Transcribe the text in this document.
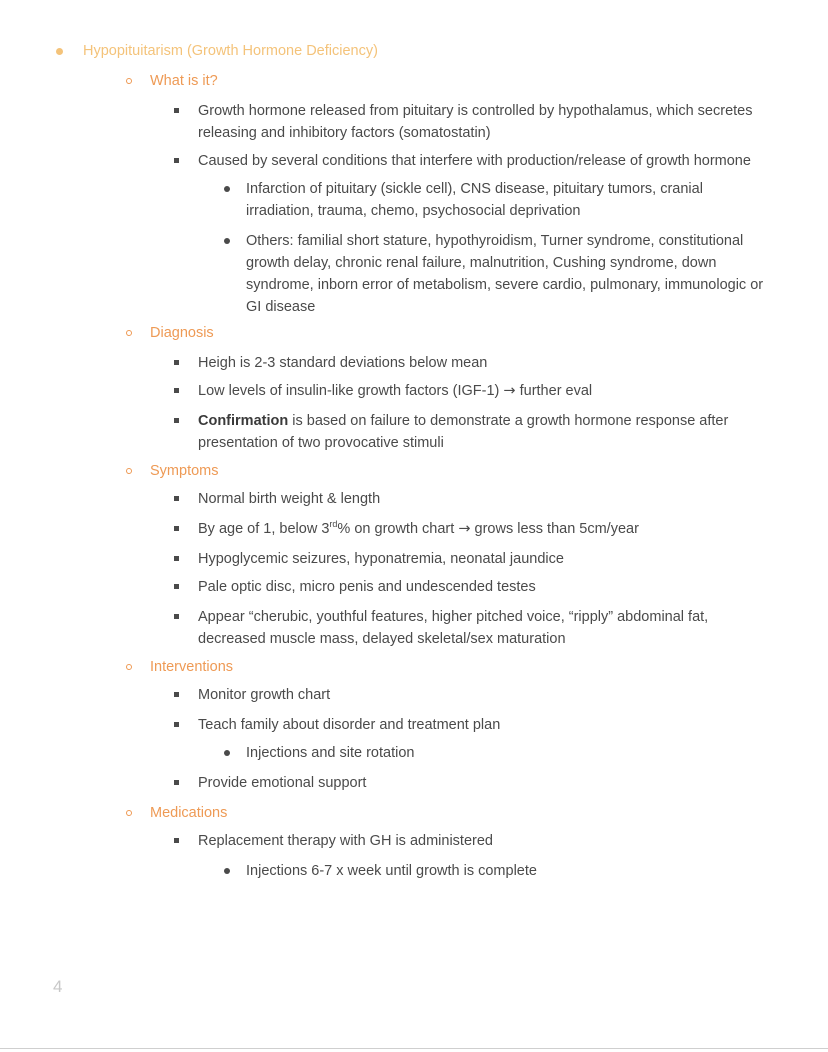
Hypopituitarism (Growth Hormone Deficiency)
What is it?
Growth hormone released from pituitary is controlled by hypothalamus, which secretes releasing and inhibitory factors (somatostatin)
Caused by several conditions that interfere with production/release of growth hormone
Infarction of pituitary (sickle cell), CNS disease, pituitary tumors, cranial irradiation, trauma, chemo, psychosocial deprivation
Others: familial short stature, hypothyroidism, Turner syndrome, constitutional growth delay, chronic renal failure, malnutrition, Cushing syndrome, down syndrome, inborn error of metabolism, severe cardio, pulmonary, immunologic or GI disease
Diagnosis
Heigh is 2-3 standard deviations below mean
Low levels of insulin-like growth factors (IGF-1) → further eval
Confirmation is based on failure to demonstrate a growth hormone response after presentation of two provocative stimuli
Symptoms
Normal birth weight & length
By age of 1, below 3rd% on growth chart → grows less than 5cm/year
Hypoglycemic seizures, hyponatremia, neonatal jaundice
Pale optic disc, micro penis and undescended testes
Appear “cherubic, youthful features, higher pitched voice, “ripply” abdominal fat, decreased muscle mass, delayed skeletal/sex maturation
Interventions
Monitor growth chart
Teach family about disorder and treatment plan
Injections and site rotation
Provide emotional support
Medications
Replacement therapy with GH is administered
Injections 6-7 x week until growth is complete
4
